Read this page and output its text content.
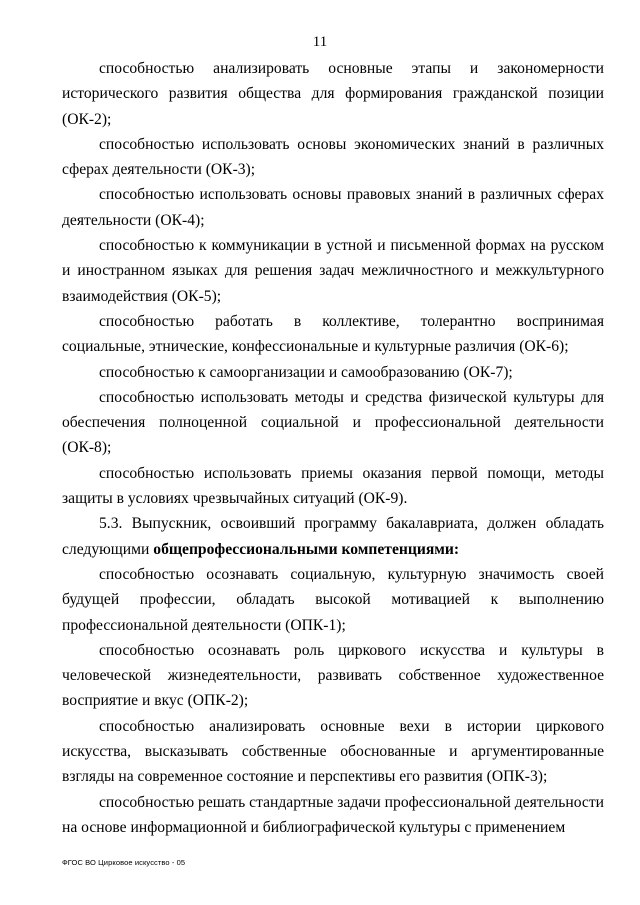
11

способностью анализировать основные этапы и закономерности исторического развития общества для формирования гражданской позиции (ОК-2);

способностью использовать основы экономических знаний в различных сферах деятельности (ОК-3);

способностью использовать основы правовых знаний в различных сферах деятельности (ОК-4);

способностью к коммуникации в устной и письменной формах на русском и иностранном языках для решения задач межличностного и межкультурного взаимодействия (ОК-5);

способностью работать в коллективе, толерантно воспринимая социальные, этнические, конфессиональные и культурные различия (ОК-6);

способностью к самоорганизации и самообразованию (ОК-7);

способностью использовать методы и средства физической культуры для обеспечения полноценной социальной и профессиональной деятельности (ОК-8);

способностью использовать приемы оказания первой помощи, методы защиты в условиях чрезвычайных ситуаций (ОК-9).

5.3. Выпускник, освоивший программу бакалавриата, должен обладать следующими общепрофессиональными компетенциями:

способностью осознавать социальную, культурную значимость своей будущей профессии, обладать высокой мотивацией к выполнению профессиональной деятельности (ОПК-1);

способностью осознавать роль циркового искусства и культуры в человеческой жизнедеятельности, развивать собственное художественное восприятие и вкус (ОПК-2);

способностью анализировать основные вехи в истории циркового искусства, высказывать собственные обоснованные и аргументированные взгляды на современное состояние и перспективы его развития (ОПК-3);

способностью решать стандартные задачи профессиональной деятельности на основе информационной и библиографической культуры с применением

ФГОС ВО Цирковое искусство - 05
